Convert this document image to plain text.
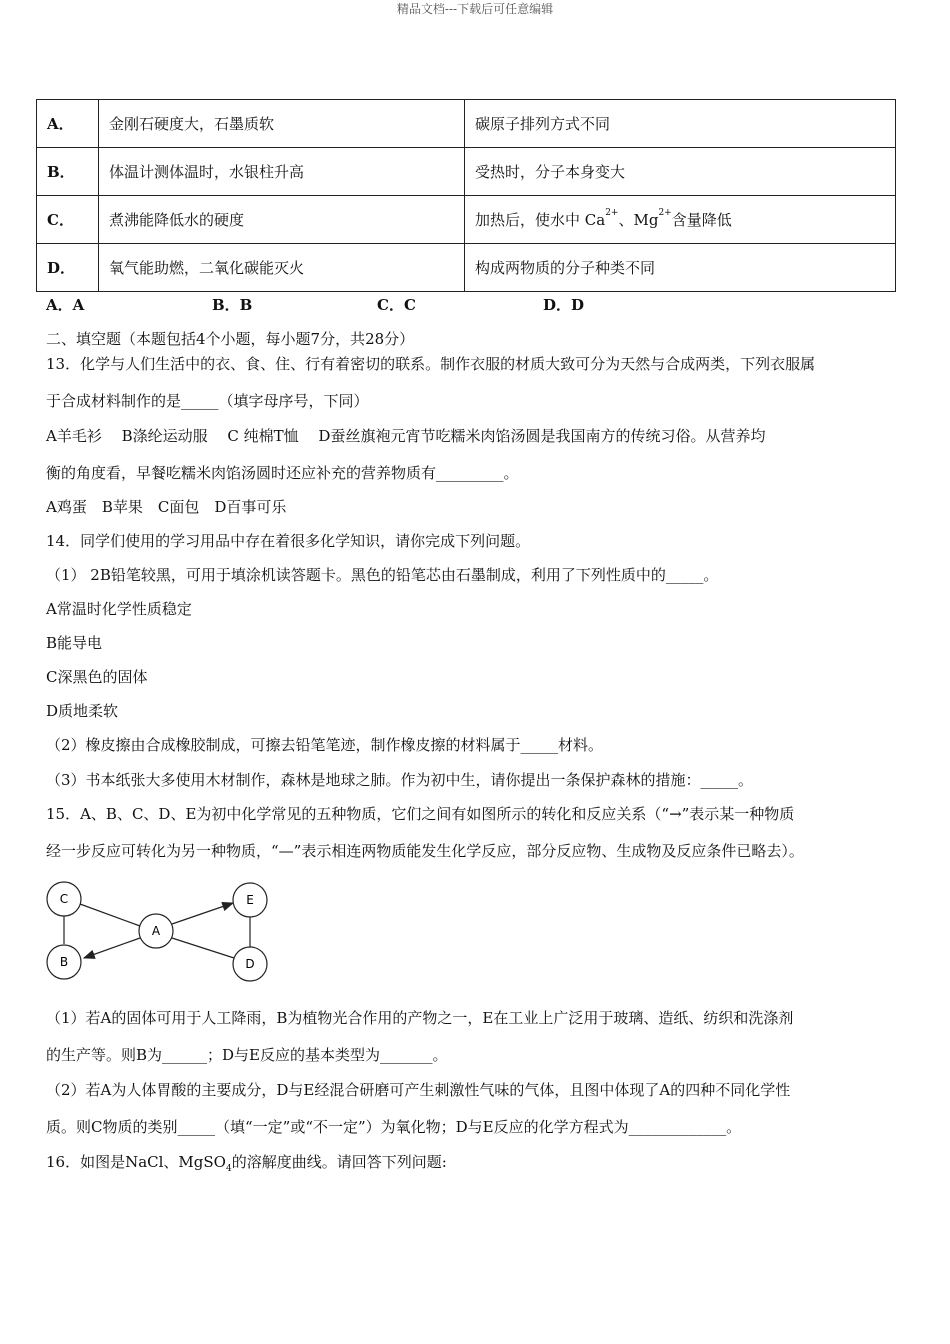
精品文档---下载后可任意编辑
A．	金刚石硬度大，石墨质软	碳原子排列方式不同
B．	体温计测体温时，水银柱升高	受热时，分子本身变大
C．	煮沸能降低水的硬度	加热后，使水中 $Ca^{2+}$、$Mg^{2+}$含量降低
D．	氧气能助燃，二氧化碳能灭火	构成两物质的分子种类不同
A．A	B．B	C．C	D．D
二、填空题（本题包括4个小题，每小题7分，共28分）
13．化学与人们生活中的衣、食、住、行有着密切的联系。制作衣服的材质大致可分为天然与合成两类，下列衣服属
于合成材料制作的是_____（填字母序号，下同）
A羊毛衫　 B涤纶运动服　 C 纯棉T恤　 D蚕丝旗袍元宵节吃糯米肉馅汤圆是我国南方的传统习俗。从营养均
衡的角度看，早餐吃糯米肉馅汤圆时还应补充的营养物质有_________。
A鸡蛋　B苹果　C面包　D百事可乐
14．同学们使用的学习用品中存在着很多化学知识，请你完成下列问题。
（1） 2B铅笔较黑，可用于填涂机读答题卡。黑色的铅笔芯由石墨制成，利用了下列性质中的_____。
A常温时化学性质稳定
B能导电
C深黑色的固体
D质地柔软
（2）橡皮擦由合成橡胶制成，可擦去铅笔笔迹，制作橡皮擦的材料属于_____材料。
（3）书本纸张大多使用木材制作，森林是地球之肺。作为初中生，请你提出一条保护森林的措施：_____。
15．A、B、C、D、E为初中化学常见的五种物质，它们之间有如图所示的转化和反应关系（“→”表示某一种物质
经一步反应可转化为另一种物质，“—”表示相连两物质能发生化学反应，部分反应物、生成物及反应条件已略去）。
C
A
E
B	D
（1）若A的固体可用于人工降雨，B为植物光合作用的产物之一，E在工业上广泛用于玻璃、造纸、纺织和洗涤剂
的生产等。则B为______；D与E反应的基本类型为_______。
（2）若A为人体胃酸的主要成分，D与E经混合研磨可产生刺激性气味的气体，且图中体现了A的四种不同化学性
质。则C物质的类别_____（填“一定”或“不一定”）为氧化物；D与E反应的化学方程式为_____________。
16．如图是NaCl、MgSO$_4$的溶解度曲线。请回答下列问题:
